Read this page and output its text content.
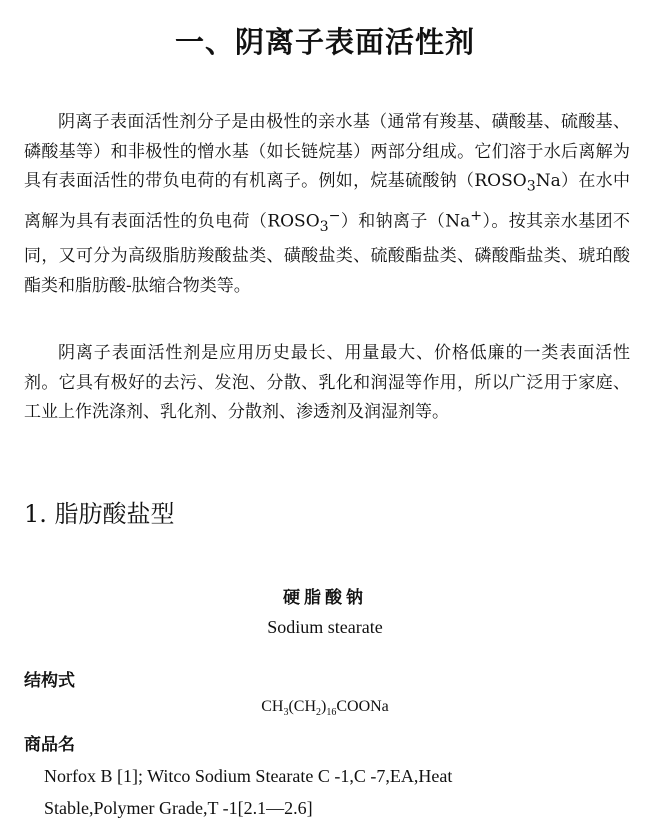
一、阴离子表面活性剂

阴离子表面活性剂分子是由极性的亲水基（通常有羧基、磺酸基、硫酸基、磷酸基等）和非极性的憎水基（如长链烷基）两部分组成。它们溶于水后离解为具有表面活性的带负电荷的有机离子。例如，烷基硫酸钠$(ROSO_3Na)$在水中离解为具有表面活性的负电荷$(ROSO_3^-)$和钠离子（Na+）。按其亲水基团不同，又可分为高级脂肪羧酸盐类、磺酸盐类、硫酸酯盐类、磷酸酯盐类、琥珀酸酯类和脂肪酸-肽缩合物类等。

阴离子表面活性剂是应用历史最长、用量最大、价格低廉的一类表面活性剂。它具有极好的去污、发泡、分散、乳化和润湿等作用，所以广泛用于家庭、工业上作洗涤剂、乳化剂、分散剂、渗透剂及润湿剂等。

1. 脂肪酸盐型
硬脂酸钠
Sodium stearate
结构式
$CH_3(CH_2)_{16}COONa$
商品名

Norfox B [1]; Witco Sodium Stearate C -1,C -7,EA,Heat
Stable,Polymer Grade,T -1[2.1—2.6]
